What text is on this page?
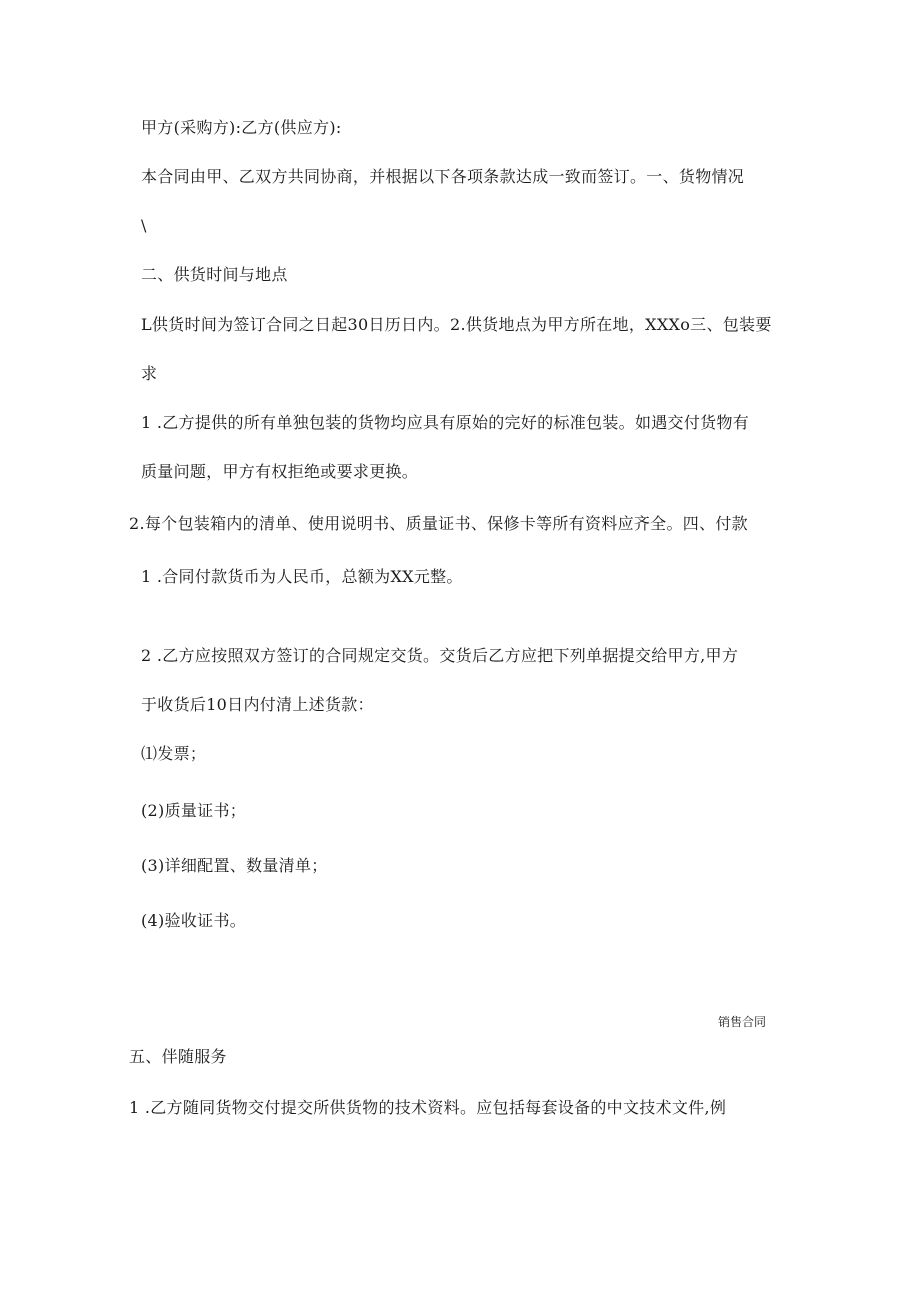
甲方(采购方):乙方(供应方):
本合同由甲、乙双方共同协商，并根据以下各项条款达成一致而签订。一、货物情况
\
二、供货时间与地点
L供货时间为签订合同之日起30日历日内。2.供货地点为甲方所在地，XXXo三、包装要
求
1 .乙方提供的所有单独包装的货物均应具有原始的完好的标准包装。如遇交付货物有
质量问题，甲方有权拒绝或要求更换。
2.每个包装箱内的清单、使用说明书、质量证书、保修卡等所有资料应齐全。四、付款
1 .合同付款货币为人民币，总额为XX元整。
2 .乙方应按照双方签订的合同规定交货。交货后乙方应把下列单据提交给甲方,甲方
于收货后10日内付清上述货款：
⑴发票；
(2)质量证书；
(3)详细配置、数量清单；
(4)验收证书。
销售合同
五、伴随服务
1 .乙方随同货物交付提交所供货物的技术资料。应包括每套设备的中文技术文件,例
